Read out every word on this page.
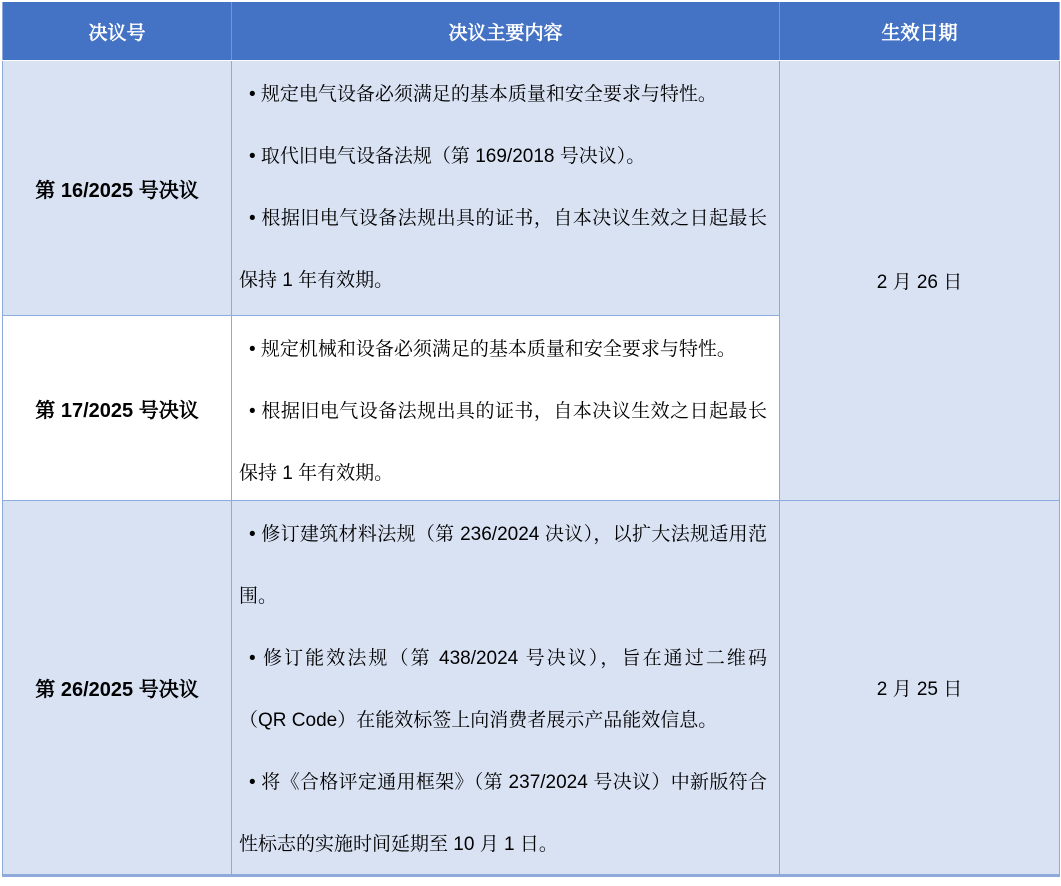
决议号	决议主要内容	生效日期
第 16/2025 号决议	• 规定电气设备必须满足的基本质量和安全要求与特性。

• 取代旧电气设备法规（第 169/2018 号决议）。

• 根据旧电气设备法规出具的证书，自本决议生效之日起最长保持 1 年有效期。	2 月 26 日
第 17/2025 号决议	• 规定机械和设备必须满足的基本质量和安全要求与特性。

• 根据旧电气设备法规出具的证书，自本决议生效之日起最长保持 1 年有效期。	

第 26/2025 号决议	• 修订建筑材料法规（第 236/2024 决议），以扩大法规适用范围。

• 修订能效法规（第 438/2024 号决议），旨在通过二维码（QR Code）在能效标签上向消费者展示产品能效信息。

• 将《合格评定通用框架》（第 237/2024 号决议）中新版符合性标志的实施时间延期至 10 月 1 日。	2 月 25 日
